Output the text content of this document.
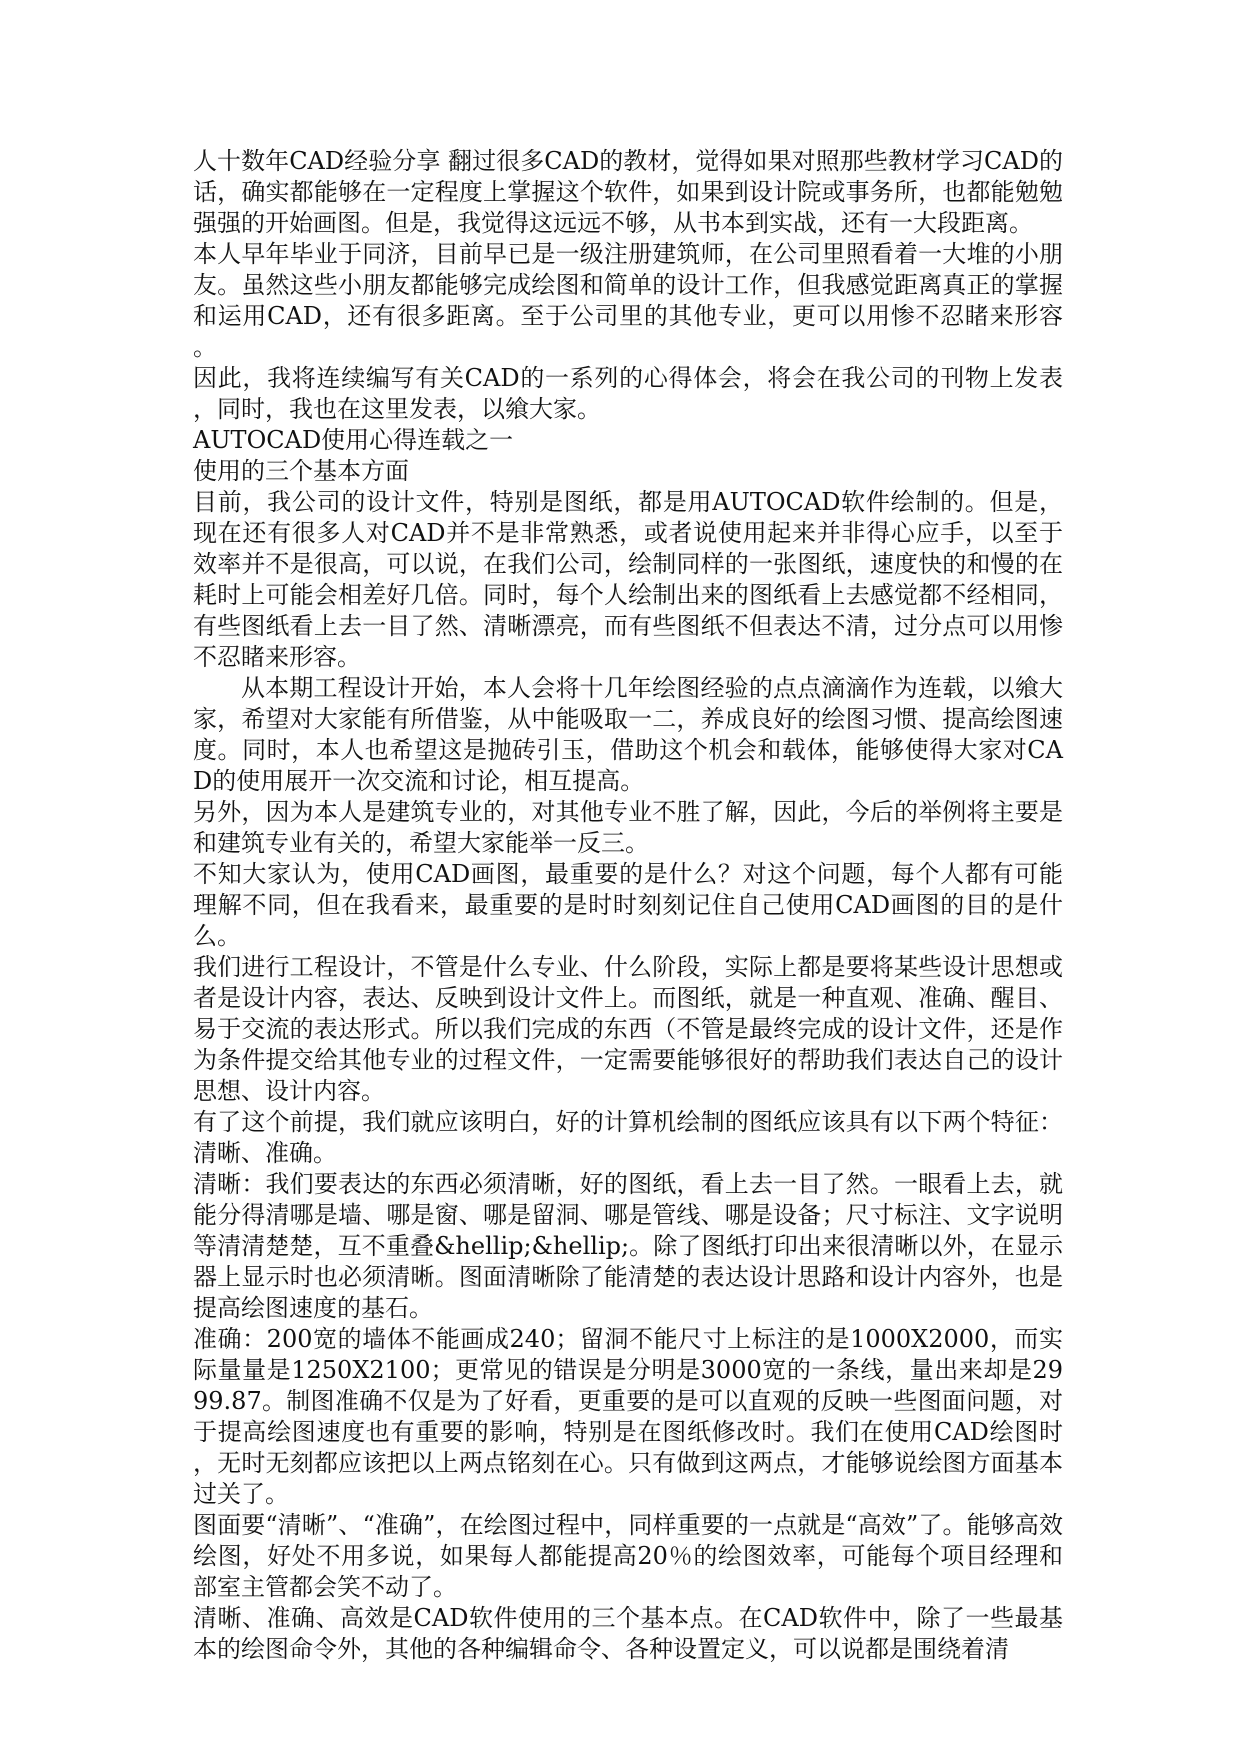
人十数年CAD经验分享 翻过很多CAD的教材，觉得如果对照那些教材学习CAD的话，确实都能够在一定程度上掌握这个软件，如果到设计院或事务所，也都能勉勉强强的开始画图。但是，我觉得这远远不够，从书本到实战，还有一大段距离。

本人早年毕业于同济，目前早已是一级注册建筑师，在公司里照看着一大堆的小朋友。虽然这些小朋友都能够完成绘图和简单的设计工作，但我感觉距离真正的掌握和运用CAD，还有很多距离。至于公司里的其他专业，更可以用惨不忍睹来形容。

因此，我将连续编写有关CAD的一系列的心得体会，将会在我公司的刊物上发表，同时，我也在这里发表，以飨大家。

AUTOCAD使用心得连载之一

使用的三个基本方面

目前，我公司的设计文件，特别是图纸，都是用AUTOCAD软件绘制的。但是，现在还有很多人对CAD并不是非常熟悉，或者说使用起来并非得心应手，以至于效率并不是很高，可以说，在我们公司，绘制同样的一张图纸，速度快的和慢的在耗时上可能会相差好几倍。同时，每个人绘制出来的图纸看上去感觉都不经相同，有些图纸看上去一目了然、清晰漂亮，而有些图纸不但表达不清，过分点可以用惨不忍睹来形容。

从本期工程设计开始，本人会将十几年绘图经验的点点滴滴作为连载，以飨大家，希望对大家能有所借鉴，从中能吸取一二，养成良好的绘图习惯、提高绘图速度。同时，本人也希望这是抛砖引玉，借助这个机会和载体，能够使得大家对CAD的使用展开一次交流和讨论，相互提高。

另外，因为本人是建筑专业的，对其他专业不胜了解，因此，今后的举例将主要是和建筑专业有关的，希望大家能举一反三。

不知大家认为，使用CAD画图，最重要的是什么？对这个问题，每个人都有可能理解不同，但在我看来，最重要的是时时刻刻记住自己使用CAD画图的目的是什么。

我们进行工程设计，不管是什么专业、什么阶段，实际上都是要将某些设计思想或者是设计内容，表达、反映到设计文件上。而图纸，就是一种直观、准确、醒目、易于交流的表达形式。所以我们完成的东西（不管是最终完成的设计文件，还是作为条件提交给其他专业的过程文件，一定需要能够很好的帮助我们表达自己的设计思想、设计内容。

有了这个前提，我们就应该明白，好的计算机绘制的图纸应该具有以下两个特征：清晰、准确。

清晰：我们要表达的东西必须清晰，好的图纸，看上去一目了然。一眼看上去，就能分得清哪是墙、哪是窗、哪是留洞、哪是管线、哪是设备；尺寸标注、文字说明等清清楚楚，互不重叠&hellip;&hellip;。除了图纸打印出来很清晰以外，在显示器上显示时也必须清晰。图面清晰除了能清楚的表达设计思路和设计内容外，也是提高绘图速度的基石。

准确：200宽的墙体不能画成240；留洞不能尺寸上标注的是1000X2000，而实际量量是1250X2100；更常见的错误是分明是3000宽的一条线，量出来却是2999.87。制图准确不仅是为了好看，更重要的是可以直观的反映一些图面问题，对于提高绘图速度也有重要的影响，特别是在图纸修改时。我们在使用CAD绘图时，无时无刻都应该把以上两点铭刻在心。只有做到这两点，才能够说绘图方面基本过关了。

图面要“清晰”、“准确”，在绘图过程中，同样重要的一点就是“高效”了。能够高效绘图，好处不用多说，如果每人都能提高20％的绘图效率，可能每个项目经理和部室主管都会笑不动了。

清晰、准确、高效是CAD软件使用的三个基本点。在CAD软件中，除了一些最基本的绘图命令外，其他的各种编辑命令、各种设置定义，可以说都是围绕着清
